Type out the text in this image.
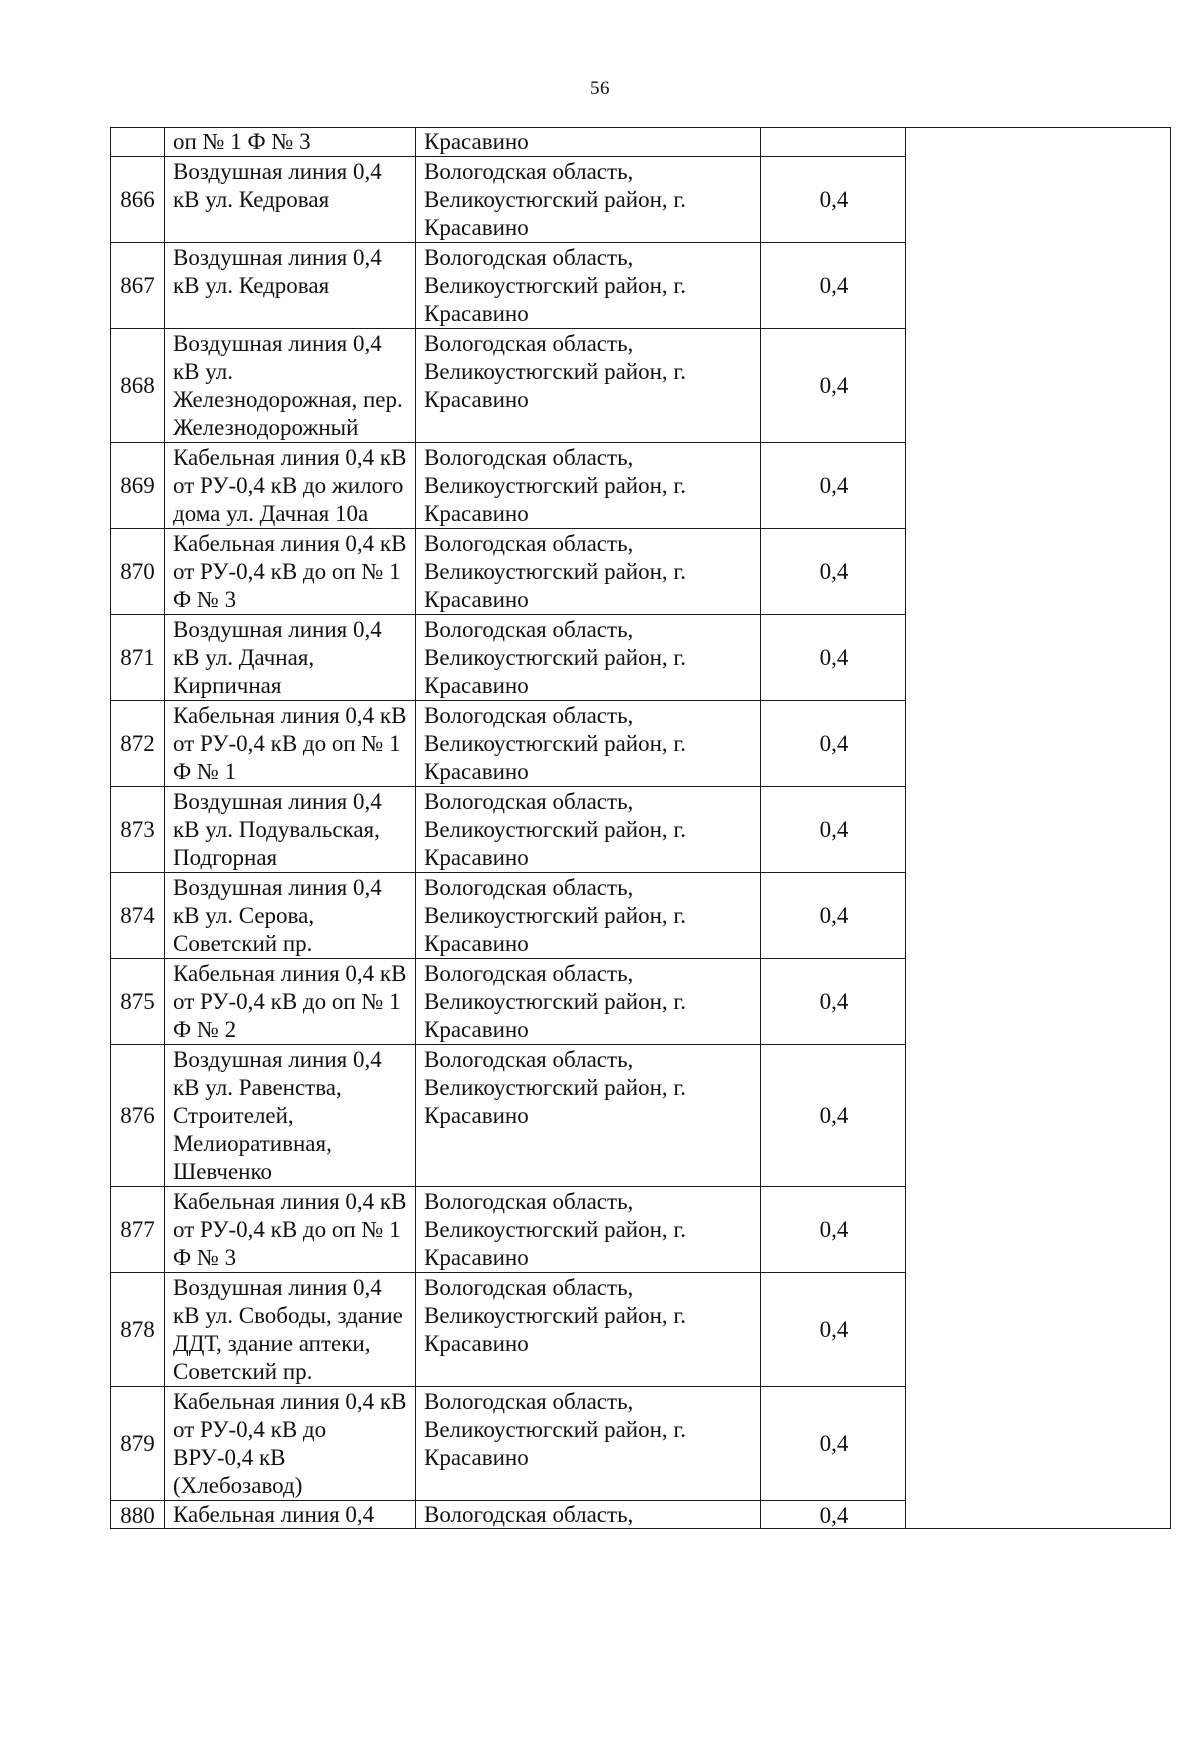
56
	оп № 1 Ф № 3	Красавино		
866	Воздушная линия 0,4 кВ ул. Кедровая	Вологодская область, Великоустюгский район, г. Красавино	0,4	
867	Воздушная линия 0,4 кВ ул. Кедровая	Вологодская область, Великоустюгский район, г. Красавино	0,4	
868	Воздушная линия 0,4 кВ ул. Железнодорожная, пер. Железнодорожный	Вологодская область, Великоустюгский район, г. Красавино	0,4	
869	Кабельная линия 0,4 кВ от РУ-0,4 кВ до жилого дома ул. Дачная 10а	Вологодская область, Великоустюгский район, г. Красавино	0,4	
870	Кабельная линия 0,4 кВ от РУ-0,4 кВ до оп № 1 Ф № 3	Вологодская область, Великоустюгский район, г. Красавино	0,4	
871	Воздушная линия 0,4 кВ ул. Дачная, Кирпичная	Вологодская область, Великоустюгский район, г. Красавино	0,4	
872	Кабельная линия 0,4 кВ от РУ-0,4 кВ до оп № 1 Ф № 1	Вологодская область, Великоустюгский район, г. Красавино	0,4	
873	Воздушная линия 0,4 кВ ул. Подувальская, Подгорная	Вологодская область, Великоустюгский район, г. Красавино	0,4	
874	Воздушная линия 0,4 кВ ул. Серова, Советский пр.	Вологодская область, Великоустюгский район, г. Красавино	0,4	
875	Кабельная линия 0,4 кВ от РУ-0,4 кВ до оп № 1 Ф № 2	Вологодская область, Великоустюгский район, г. Красавино	0,4	
876	Воздушная линия 0,4 кВ ул. Равенства, Строителей, Мелиоративная, Шевченко	Вологодская область, Великоустюгский район, г. Красавино	0,4	
877	Кабельная линия 0,4 кВ от РУ-0,4 кВ до оп № 1 Ф № 3	Вологодская область, Великоустюгский район, г. Красавино	0,4	
878	Воздушная линия 0,4 кВ ул. Свободы, здание ДДТ, здание аптеки, Советский пр.	Вологодская область, Великоустюгский район, г. Красавино	0,4	
879	Кабельная линия 0,4 кВ от РУ-0,4 кВ до ВРУ-0,4 кВ (Хлебозавод)	Вологодская область, Великоустюгский район, г. Красавино	0,4	
880	Кабельная линия 0,4	Вологодская область,	0,4	
